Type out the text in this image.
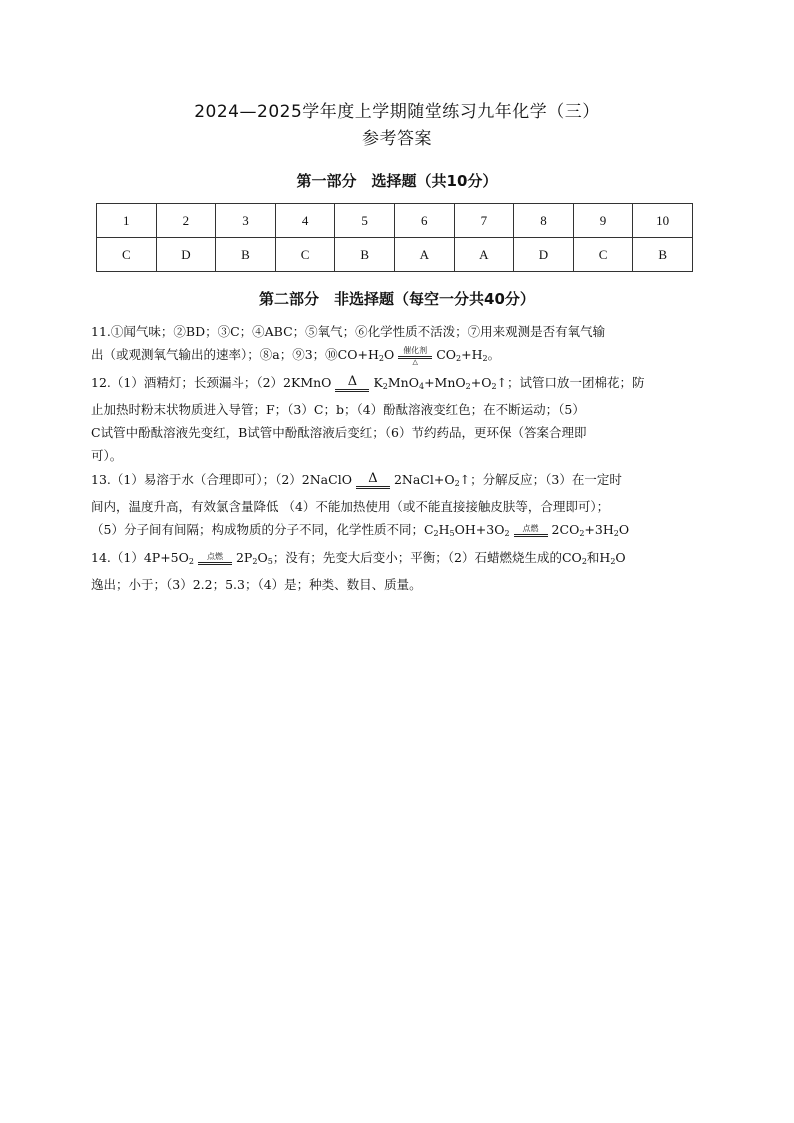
2024—2025学年度上学期随堂练习九年化学（三）
参考答案
第一部分　选择题（共10分）
1	2	3	4	5	6	7	8	9	10
C	D	B	C	B	A	A	D	C	B
第二部分　非选择题（每空一分共40分）
11.①闻气味；②BD；③C；④ABC；⑤氧气；⑥化学性质不活泼；⑦用来观测是否有氧气输
出（或观测氧气输出的速率）；⑧a；⑨3；$⑩CO+H_2O$	催化剂
△	$CO_2+H_2$。
12.（1）酒精灯；长颈漏斗；（2）2KMnO	Δ	$K_2MnO_4+MnO_2+O_2↑$；试管口放一团棉花；防
止加热时粉末状物质进入导管；F；（3）C；b；（4）酚酞溶液变红色；在不断运动；（5）
C试管中酚酞溶液先变红，B试管中酚酞溶液后变红；（6）节约药品，更环保（答案合理即
可）。
13.（1）易溶于水（合理即可）；（2）2NaClO	Δ	$2NaCl+O_2↑$；分解反应；（3）在一定时
间内，温度升高，有效氯含量降低 （4）不能加热使用（或不能直接接触皮肤等，合理即可）；
（5）分子间有间隔；构成物质的分子不同，化学性质不同；$C_2H_5OH+3O_2$
点燃	$2CO_2+3H_2O$
$14.(1)4P+5O_2$
点燃	$2P_2O_5$；没有；先变大后变小；平衡；（2）石蜡燃烧生成的$CO_2$和$H_2O$
逸出；小于；（3）2.2；5.3；（4）是；种类、数目、质量。
